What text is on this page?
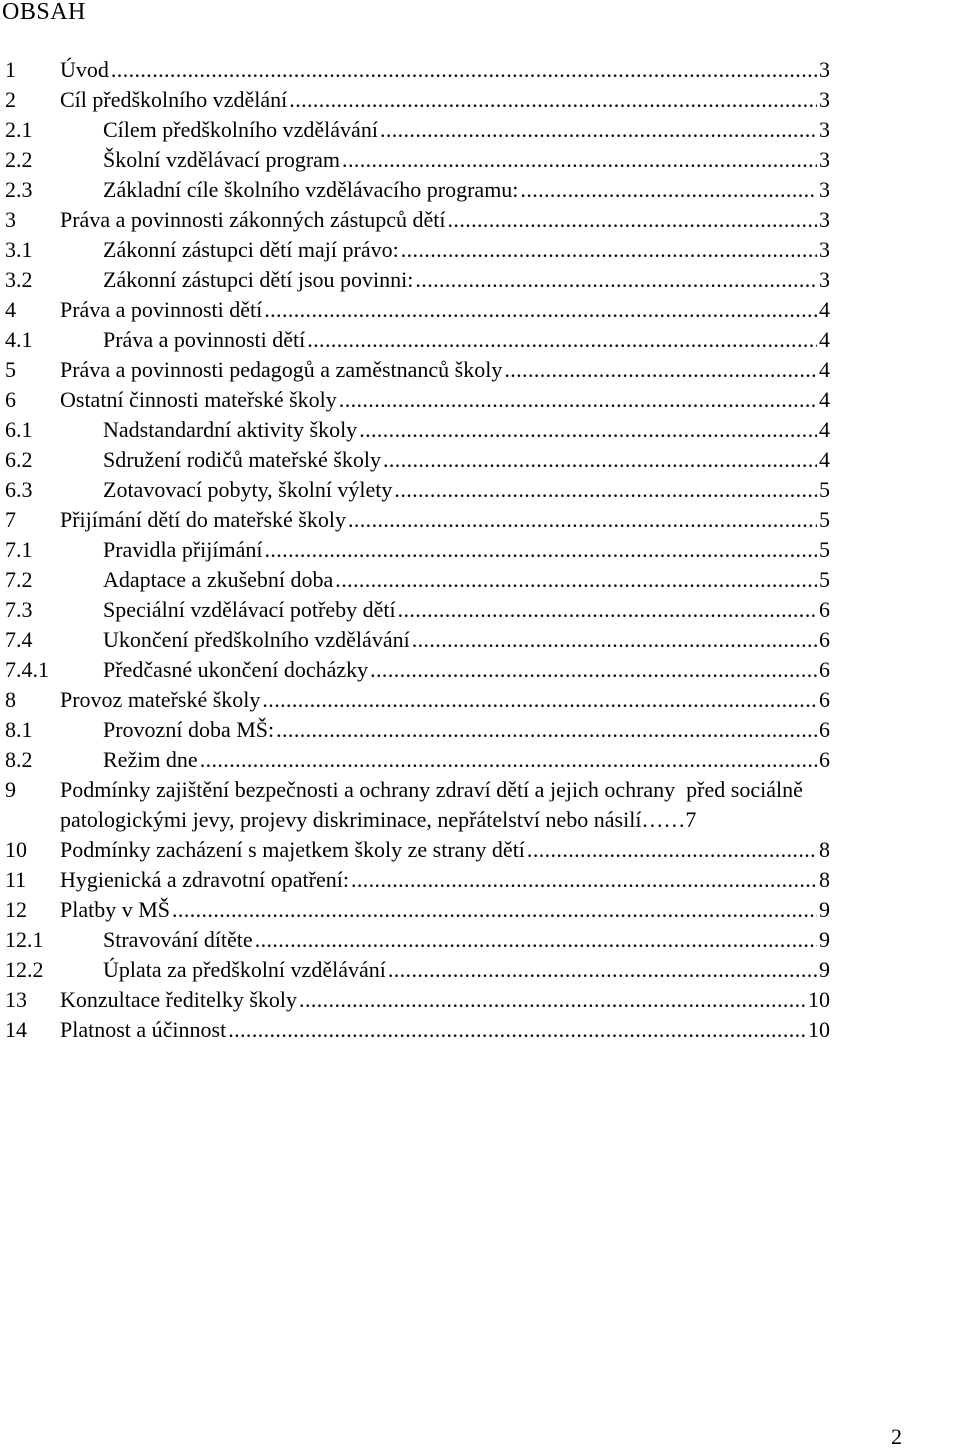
OBSAH
1 Úvod .....	3
2 Cíl předškolního vzdělání .....	3
2.1	Cílem předškolního vzdělávání .....	3
2.2	Školní vzdělávací program .....	3
2.3	Základní cíle školního vzdělávacího programu: .....	3
3 Práva a povinnosti zákonných zástupců dětí .....	3
3.1	Zákonní zástupci dětí mají právo: .....	3
3.2	Zákonní zástupci dětí jsou povinni: .....	3
4 Práva a povinnosti dětí .....	4
4.1	Práva a povinnosti dětí .....	4
5 Práva a povinnosti pedagogů a zaměstnanců školy .....	4
6 Ostatní činnosti mateřské školy .....	4
6.1	Nadstandardní aktivity školy .....	4
6.2	Sdružení rodičů mateřské školy .....	4
6.3	Zotavovací pobyty, školní výlety .....	5
7 Přijímání dětí do mateřské školy .....	5
7.1	Pravidla přijímání .....	5
7.2	Adaptace a zkušební doba .....	5
7.3	Speciální vzdělávací potřeby dětí .....	6
7.4	Ukončení předškolního vzdělávání .....	6
7.4.1 Předčasné ukončení docházky .....	6
8 Provoz mateřské školy .....	6
8.1	Provozní doba MŠ: .....	6
8.2	Režim dne .....	6
9 Podmínky zajištění bezpečnosti a ochrany zdraví dětí a jejich ochrany  před sociálně
patologickými jevy, projevy diskriminace, nepřátelství nebo násilí……7
10 Podmínky zacházení s majetkem školy ze strany dětí .....	8
11 Hygienická a zdravotní opatření: .....	8
12 Platby v MŠ .....	9
12.1	Stravování dítěte .....	9
12.2	Úplata za předškolní vzdělávání .....	9
13 Konzultace ředitelky školy .....	10
14 Platnost a účinnost .....	10
2
